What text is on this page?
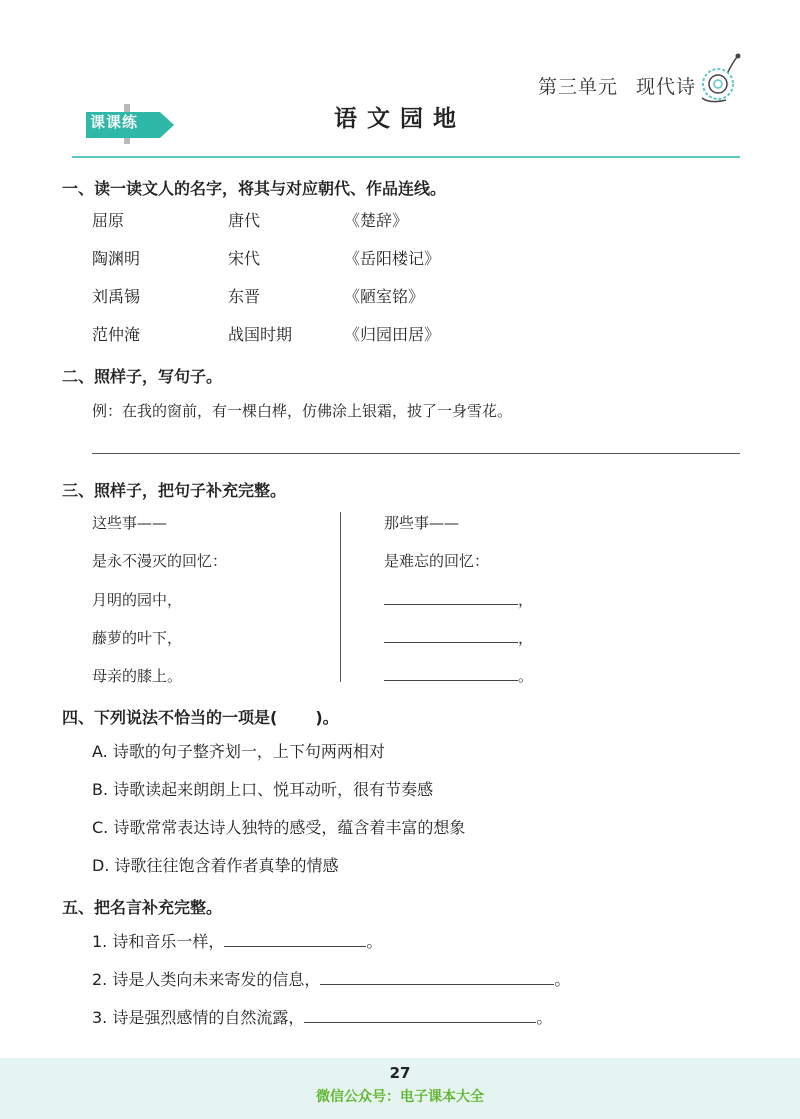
第三单元 现代诗
课课练	语文园地
一、读一读文人的名字，将其与对应朝代、作品连线。
屈原	唐代	《楚辞》
陶渊明	宋代	《岳阳楼记》
刘禹锡	东晋	《陋室铭》
范仲淹	战国时期	《归园田居》
二、照样子，写句子。
例：在我的窗前，有一棵白桦，仿佛涂上银霜，披了一身雪花。
三、照样子，把句子补充完整。
这些事——
是永不漫灭的回忆：
月明的园中，
藤萝的叶下，
母亲的膝上。
那些事——
是难忘的回忆：
，
，
。
四、下列说法不恰当的一项是( )。
A. 诗歌的句子整齐划一，上下句两两相对
B. 诗歌读起来朗朗上口、悦耳动听，很有节奏感
C. 诗歌常常表达诗人独特的感受，蕴含着丰富的想象
D. 诗歌往往饱含着作者真挚的情感
五、把名言补充完整。
1. 诗和音乐一样，	。
2. 诗是人类向未来寄发的信息，	。
3. 诗是强烈感情的自然流露，	。
27
微信公众号：电子课本大全
